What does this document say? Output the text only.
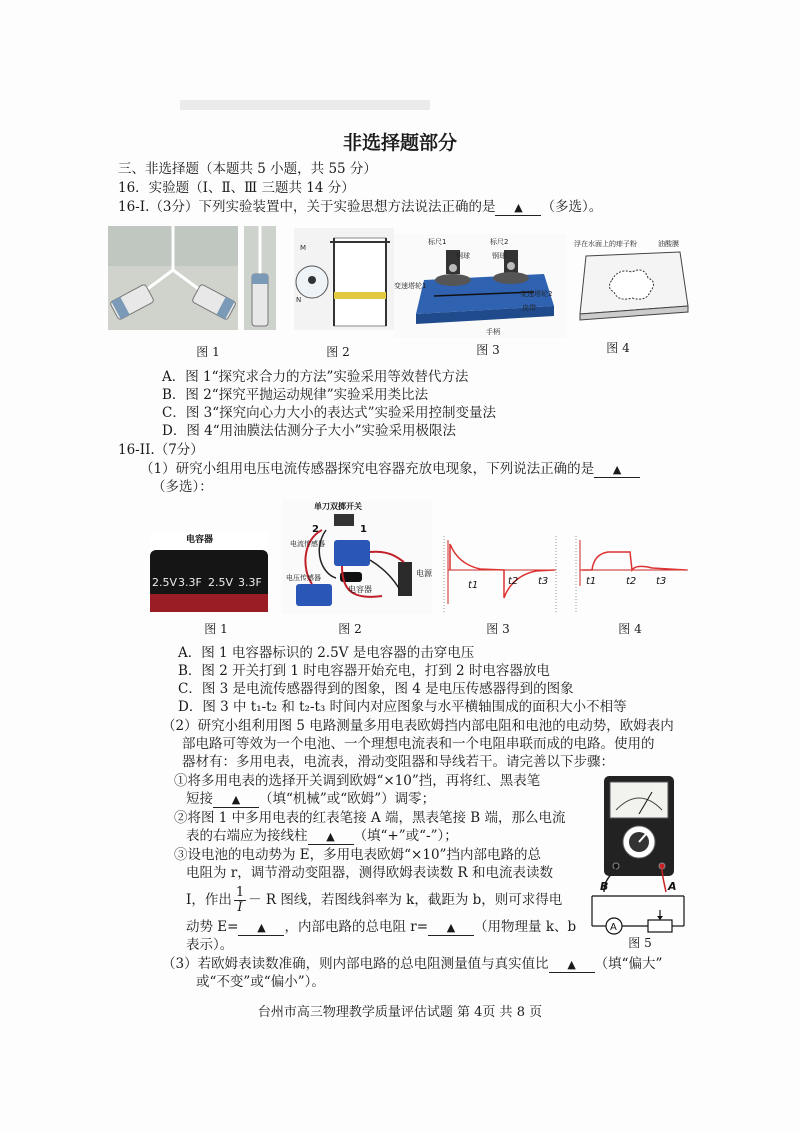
非选择题部分
三、非选择题（本题共 5 小题，共 55 分）
16．实验题（Ⅰ、Ⅱ、Ⅲ 三题共 14 分）
16-I.（3分）下列实验装置中，关于实验思想方法说法正确的是 ▲ （多选）。
M
N
标尺1	标尺2
钢球	钢球
变速塔轮1
变速塔轮2
皮带
手柄
浮在水面上的痱子粉	油酸膜
图 1	图 2	图 3	图 4
A．图 1“探究求合力的方法”实验采用等效替代方法
B．图 2“探究平抛运动规律”实验采用类比法
C．图 3“探究向心力大小的表达式”实验采用控制变量法
D．图 4“用油膜法估测分子大小”实验采用极限法
16-II.（7分）
（1）研究小组用电压电流传感器探究电容器充放电现象，下列说法正确的是 ▲
（多选）：
电容器
2.5V 3.3F 2.5V 3.3F
单刀双掷开关
2	1
电流传感器
电压传感器
电容器
电源
t1	t2 t3	t1	t2 t3
图 1	图 2	图 3	图 4
A．图 1 电容器标识的 2.5V 是电容器的击穿电压
B．图 2 开关打到 1 时电容器开始充电，打到 2 时电容器放电
C．图 3 是电流传感器得到的图象，图 4 是电压传感器得到的图象
D．图 3 中 t₁-t₂ 和 t₂-t₃ 时间内对应图象与水平横轴围成的面积大小不相等
（2）研究小组利用图 5 电路测量多用电表欧姆挡内部电阻和电池的电动势，欧姆表内
部电路可等效为一个电池、一个理想电流表和一个电阻串联而成的电路。使用的
器材有：多用电表，电流表，滑动变阻器和导线若干。请完善以下步骤：
①将多用电表的选择开关调到欧姆“×10”挡，再将红、黑表笔
短接 ▲ （填“机械”或“欧姆”）调零；
②将图 1 中多用电表的红表笔接 A 端，黑表笔接 B 端，那么电流
表的右端应为接线柱 ▲ （填“+”或“-”）；
③设电池的电动势为 E，多用电表欧姆“×10”挡内部电路的总
电阻为 r，调节滑动变阻器，测得欧姆表读数 R 和电流表读数
I，作出 $\frac{1}{I} - R$ 图线，若图线斜率为 k，截距为 b，则可求得电
动势 E= ▲ ，内部电路的总电阻 r= ▲ （用物理量 k、b
表示）。
A
B	A
图 5
（3）若欧姆表读数准确，则内部电路的总电阻测量值与真实值比 ▲ （填“偏大”
或“不变”或“偏小”）。
台州市高三物理教学质量评估试题 第 4页 共 8 页
